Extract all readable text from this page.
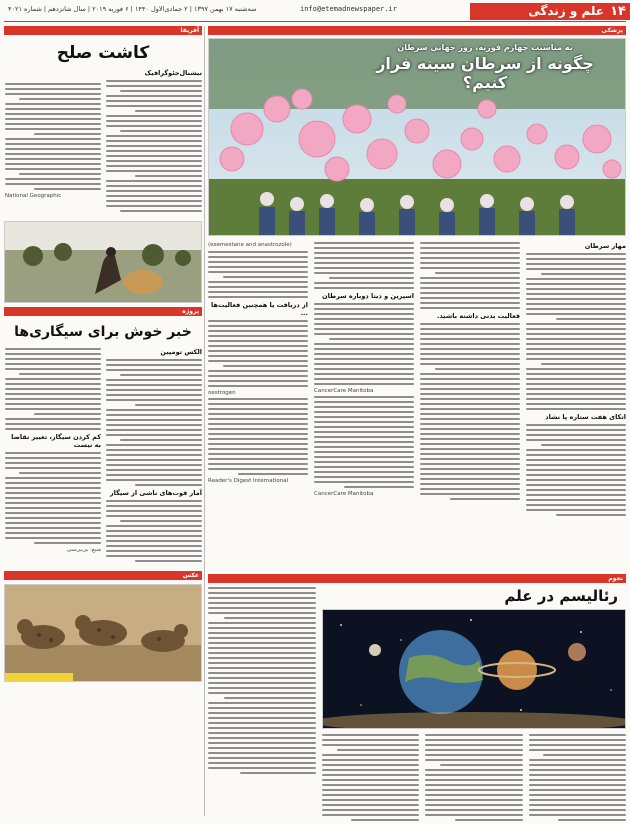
۱۴
علم و زندگی
info@etemadnewspaper.ir
سه‌شنبه ۱۷ بهمن ۱۳۹۷ | ۲ جمادی‌الاول ۱۴۴۰ | ۶ فوریه ۲۰۱۹ | سال شانزدهم | شماره ۴۰۲۱
آفریقا
کاشت صلح
نیشنال‌جئوگرافیک
National Geographic
پروژه
خبر خوش برای سیگاری‌ها
الکس تومپین
آمار فوت‌های ناشی از سیگار
کم کردن سیگار، تغییر تقاضا به نیست
منبع: بی‌بی‌سی
عکس
پزشکی
به مناسبت چهارم فوریه، روز جهانی سرطان
چگونه از سرطان سینه فرار کنیم؟
مهار سرطان
اتکای هفت ستاره پا نشاد
فعالیت بدنی داشته باشید.
اسپرین و دیتا دوباره سرطان
CancerCare Manitoba
CancerCare Manitoba
(exemestane and anastrozole)
از دریافت یا همچنین فعالیت‌ها ...
oestrogen
Reader's Digest International
نجوم
رئالیسم در علم
